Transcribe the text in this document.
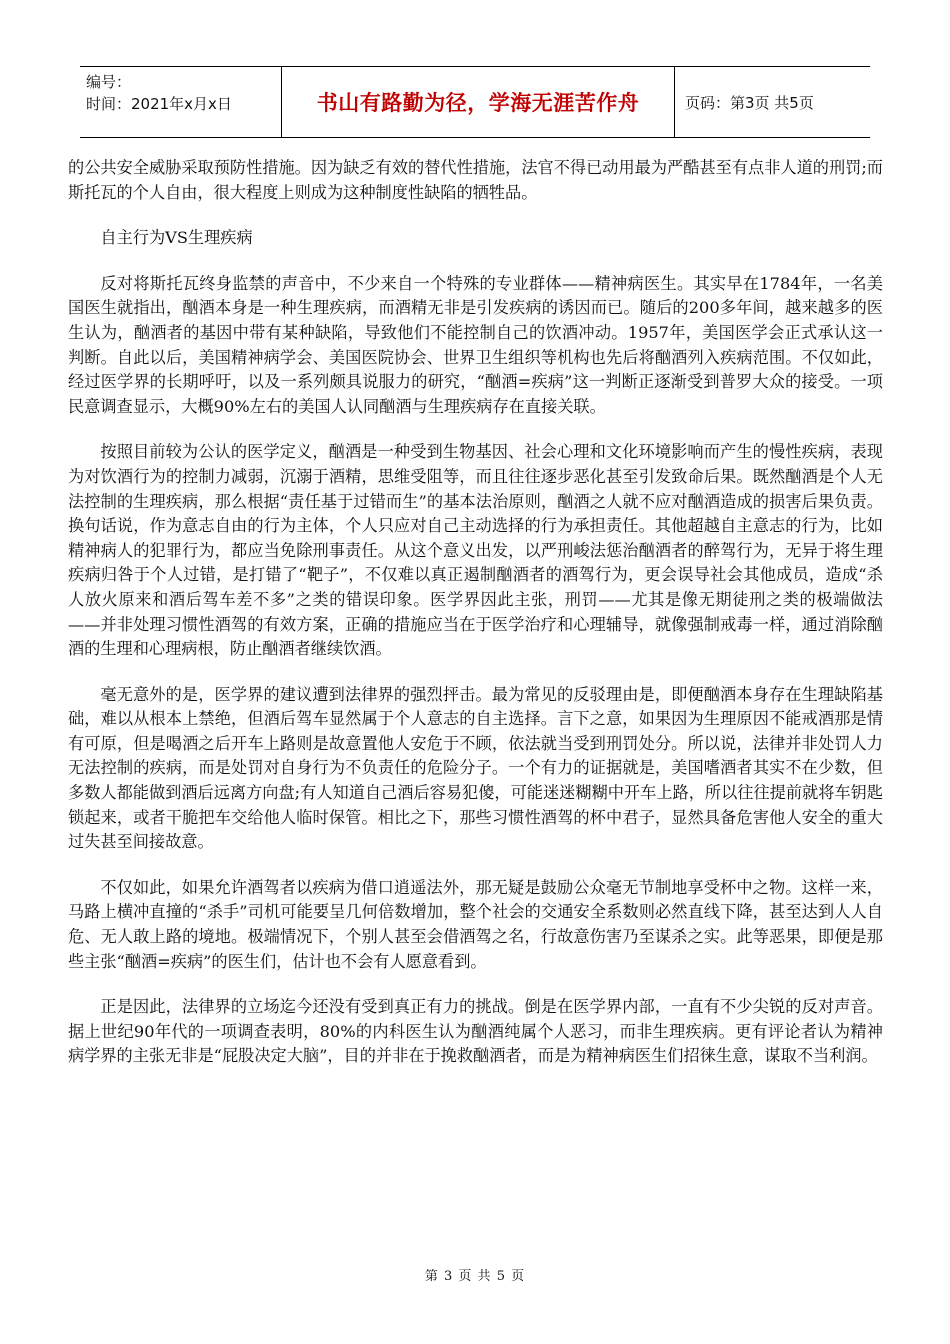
编号：
时间：2021年x月x日	书山有路勤为径，学海无涯苦作舟	页码：第3页 共5页

的公共安全威胁采取预防性措施。因为缺乏有效的替代性措施，法官不得已动用最为严酷甚至有点非人道的刑罚;而斯托瓦的个人自由，很大程度上则成为这种制度性缺陷的牺牲品。

自主行为VS生理疾病

反对将斯托瓦终身监禁的声音中，不少来自一个特殊的专业群体——精神病医生。其实早在1784年，一名美国医生就指出，酗酒本身是一种生理疾病，而酒精无非是引发疾病的诱因而已。随后的200多年间，越来越多的医生认为，酗酒者的基因中带有某种缺陷，导致他们不能控制自己的饮酒冲动。1957年，美国医学会正式承认这一判断。自此以后，美国精神病学会、美国医院协会、世界卫生组织等机构也先后将酗酒列入疾病范围。不仅如此，经过医学界的长期呼吁，以及一系列颇具说服力的研究，“酗酒=疾病”这一判断正逐渐受到普罗大众的接受。一项民意调查显示，大概90%左右的美国人认同酗酒与生理疾病存在直接关联。

按照目前较为公认的医学定义，酗酒是一种受到生物基因、社会心理和文化环境影响而产生的慢性疾病，表现为对饮酒行为的控制力减弱，沉溺于酒精，思维受阻等，而且往往逐步恶化甚至引发致命后果。既然酗酒是个人无法控制的生理疾病，那么根据“责任基于过错而生”的基本法治原则，酗酒之人就不应对酗酒造成的损害后果负责。换句话说，作为意志自由的行为主体，个人只应对自己主动选择的行为承担责任。其他超越自主意志的行为，比如精神病人的犯罪行为，都应当免除刑事责任。从这个意义出发，以严刑峻法惩治酗酒者的醉驾行为，无异于将生理疾病归咎于个人过错，是打错了“靶子”，不仅难以真正遏制酗酒者的酒驾行为，更会误导社会其他成员，造成“杀人放火原来和酒后驾车差不多”之类的错误印象。医学界因此主张，刑罚——尤其是像无期徒刑之类的极端做法——并非处理习惯性酒驾的有效方案，正确的措施应当在于医学治疗和心理辅导，就像强制戒毒一样，通过消除酗酒的生理和心理病根，防止酗酒者继续饮酒。

毫无意外的是，医学界的建议遭到法律界的强烈抨击。最为常见的反驳理由是，即便酗酒本身存在生理缺陷基础，难以从根本上禁绝，但酒后驾车显然属于个人意志的自主选择。言下之意，如果因为生理原因不能戒酒那是情有可原，但是喝酒之后开车上路则是故意置他人安危于不顾，依法就当受到刑罚处分。所以说，法律并非处罚人力无法控制的疾病，而是处罚对自身行为不负责任的危险分子。一个有力的证据就是，美国嗜酒者其实不在少数，但多数人都能做到酒后远离方向盘;有人知道自己酒后容易犯傻，可能迷迷糊糊中开车上路，所以往往提前就将车钥匙锁起来，或者干脆把车交给他人临时保管。相比之下，那些习惯性酒驾的杯中君子，显然具备危害他人安全的重大过失甚至间接故意。

不仅如此，如果允许酒驾者以疾病为借口逍遥法外，那无疑是鼓励公众毫无节制地享受杯中之物。这样一来，马路上横冲直撞的“杀手”司机可能要呈几何倍数增加，整个社会的交通安全系数则必然直线下降，甚至达到人人自危、无人敢上路的境地。极端情况下，个别人甚至会借酒驾之名，行故意伤害乃至谋杀之实。此等恶果，即便是那些主张“酗酒=疾病”的医生们，估计也不会有人愿意看到。

正是因此，法律界的立场迄今还没有受到真正有力的挑战。倒是在医学界内部，一直有不少尖锐的反对声音。据上世纪90年代的一项调查表明，80%的内科医生认为酗酒纯属个人恶习，而非生理疾病。更有评论者认为精神病学界的主张无非是“屁股决定大脑”，目的并非在于挽救酗酒者，而是为精神病医生们招徕生意，谋取不当利润。

第 3 页 共 5 页
